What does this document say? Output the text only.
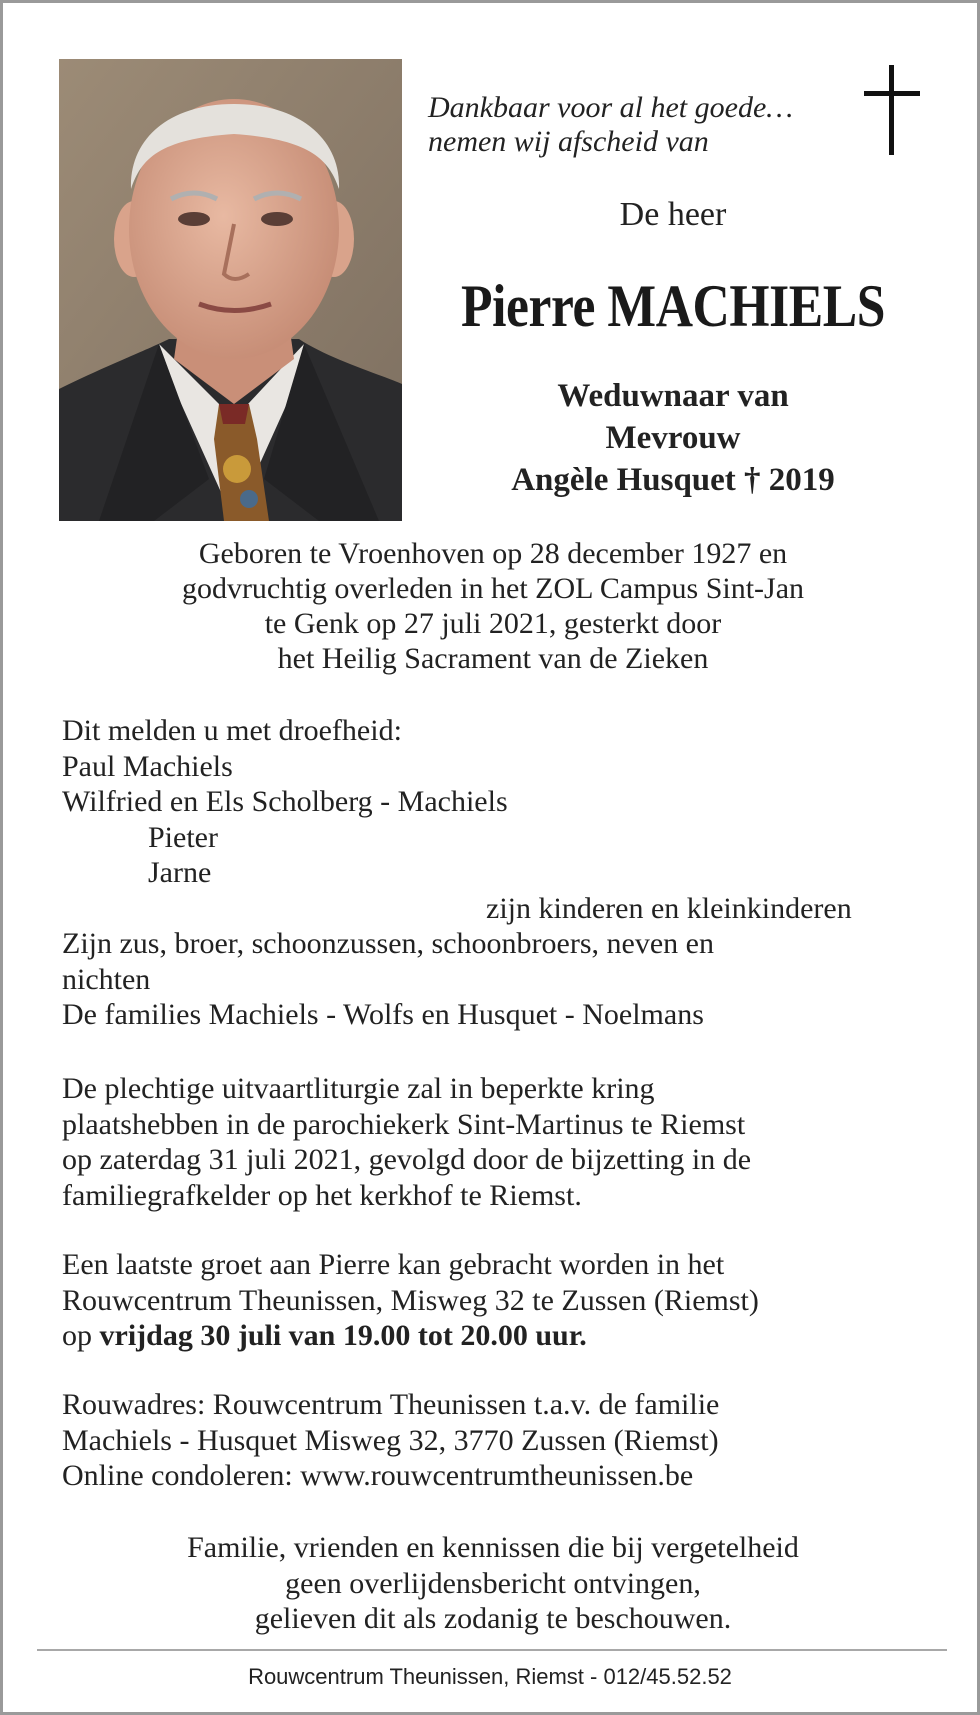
Dankbaar voor al het goede…
nemen wij afscheid van
De heer
Pierre MACHIELS
Weduwnaar van
Mevrouw
Angèle Husquet † 2019
Geboren te Vroenhoven op 28 december 1927 en
godvruchtig overleden in het ZOL Campus Sint-Jan
te Genk op 27 juli 2021, gesterkt door
het Heilig Sacrament van de Zieken
Dit melden u met droefheid:
Paul Machiels
Wilfried en Els Scholberg - Machiels
Pieter
Jarne
zijn kinderen en kleinkinderen
Zijn zus, broer, schoonzussen, schoonbroers, neven en
nichten
De families Machiels - Wolfs en Husquet - Noelmans
De plechtige uitvaartliturgie zal in beperkte kring
plaatshebben in de parochiekerk Sint-Martinus te Riemst
op zaterdag 31 juli 2021, gevolgd door de bijzetting in de
familiegrafkelder op het kerkhof te Riemst.
Een laatste groet aan Pierre kan gebracht worden in het
Rouwcentrum Theunissen, Misweg 32 te Zussen (Riemst)
op vrijdag 30 juli van 19.00 tot 20.00 uur.
Rouwadres: Rouwcentrum Theunissen t.a.v. de familie
Machiels - Husquet Misweg 32, 3770 Zussen (Riemst)
Online condoleren: www.rouwcentrumtheunissen.be
Familie, vrienden en kennissen die bij vergetelheid
geen overlijdensbericht ontvingen,
gelieven dit als zodanig te beschouwen.
Rouwcentrum Theunissen, Riemst - 012/45.52.52
